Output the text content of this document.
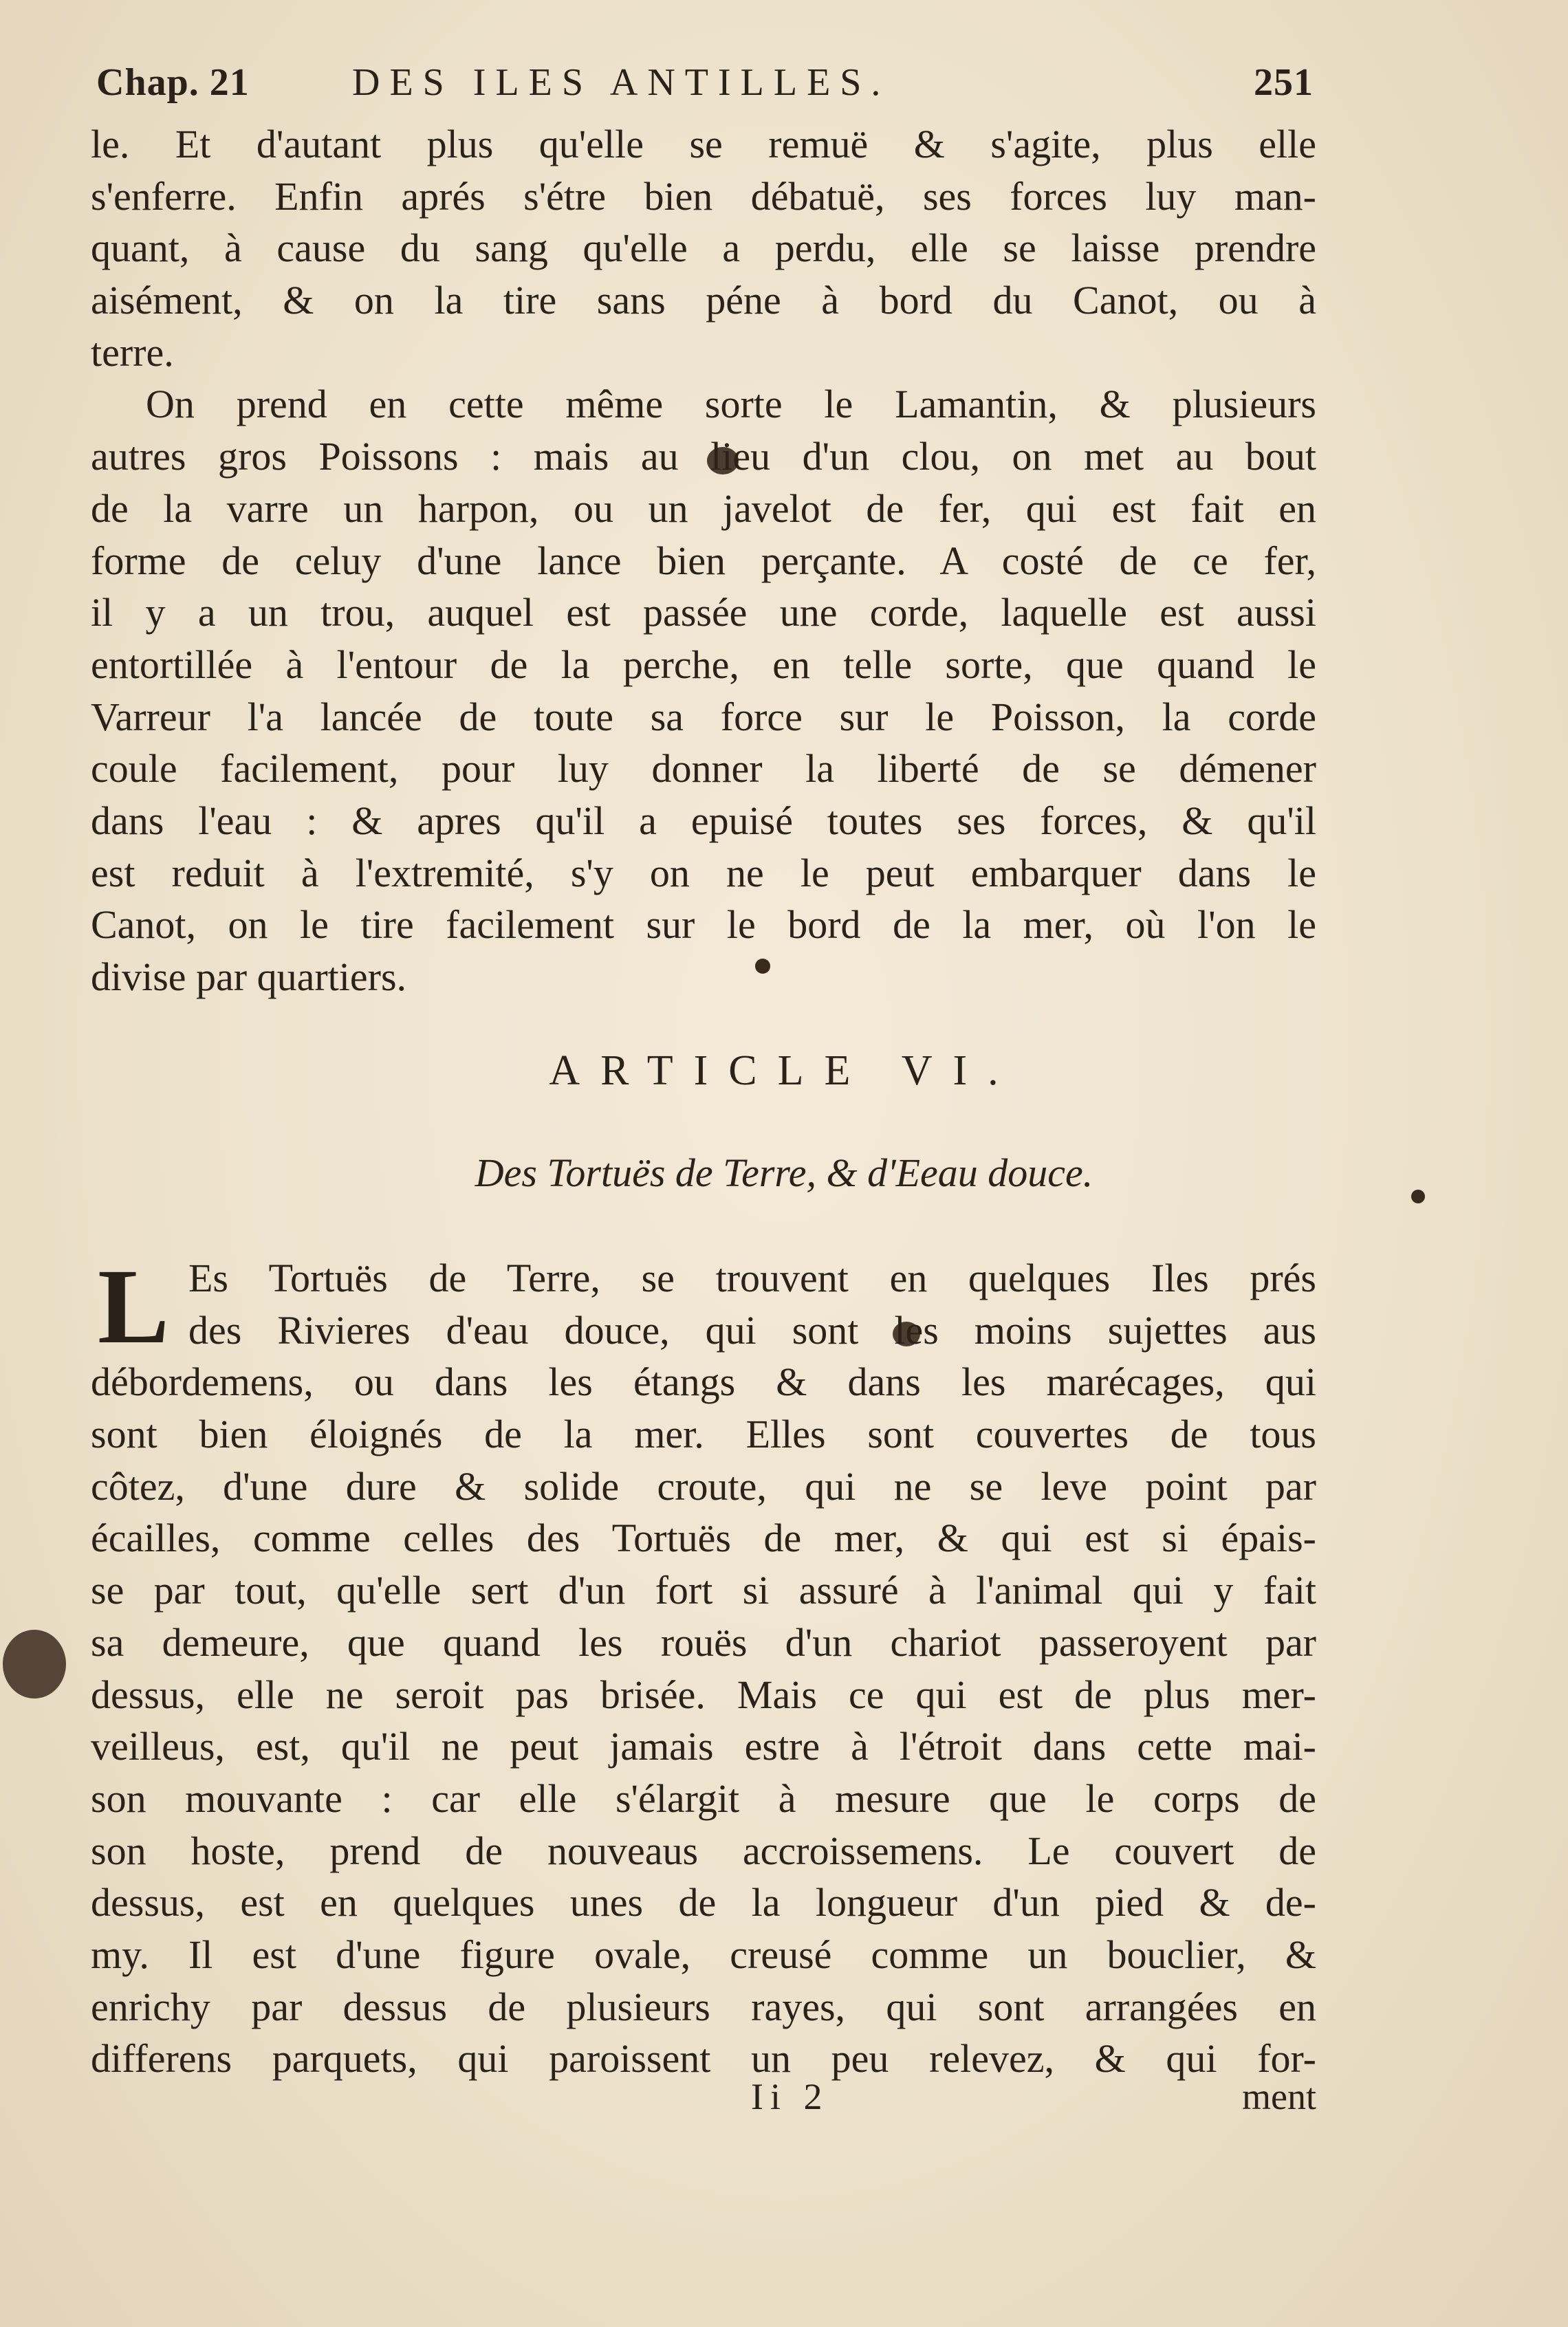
Chap. 21	DES ILES ANTILLES.	251
le. Et d'autant plus qu'elle se remuë & s'agite, plus elle
s'enferre. Enfin aprés s'étre bien débatuë, ses forces luy man-
quant, à cause du sang qu'elle a perdu, elle se laisse prendre
aisément, & on la tire sans péne à bord du Canot, ou à
terre.
On prend en cette même sorte le Lamantin, & plusieurs
autres gros Poissons : mais au lieu d'un clou, on met au bout
de la varre un harpon, ou un javelot de fer, qui est fait en
forme de celuy d'une lance bien perçante. A costé de ce fer,
il y a un trou, auquel est passée une corde, laquelle est aussi
entortillée à l'entour de la perche, en telle sorte, que quand le
Varreur l'a lancée de toute sa force sur le Poisson, la corde
coule facilement, pour luy donner la liberté de se démener
dans l'eau : & apres qu'il a epuisé toutes ses forces, & qu'il
est reduit à l'extremité, s'y on ne le peut embarquer dans le
Canot, on le tire facilement sur le bord de la mer, où l'on le
divise par quartiers.
ARTICLE VI.
Des Tortuës de Terre, & d'Eeau douce.
L Es Tortuës de Terre, se trouvent en quelques Iles prés
des Rivieres d'eau douce, qui sont les moins sujettes aus
débordemens, ou dans les étangs & dans les marécages, qui
sont bien éloignés de la mer. Elles sont couvertes de tous
côtez, d'une dure & solide croute, qui ne se leve point par
écailles, comme celles des Tortuës de mer, & qui est si épais-
se par tout, qu'elle sert d'un fort si assuré à l'animal qui y fait
sa demeure, que quand les rouës d'un chariot passeroyent par
dessus, elle ne seroit pas brisée. Mais ce qui est de plus mer-
veilleus, est, qu'il ne peut jamais estre à l'étroit dans cette mai-
son mouvante : car elle s'élargit à mesure que le corps de
son hoste, prend de nouveaus accroissemens. Le couvert de
dessus, est en quelques unes de la longueur d'un pied & de-
my. Il est d'une figure ovale, creusé comme un bouclier, &
enrichy par dessus de plusieurs rayes, qui sont arrangées en
differens parquets, qui paroissent un peu relevez, & qui for-
Ii 2	ment
